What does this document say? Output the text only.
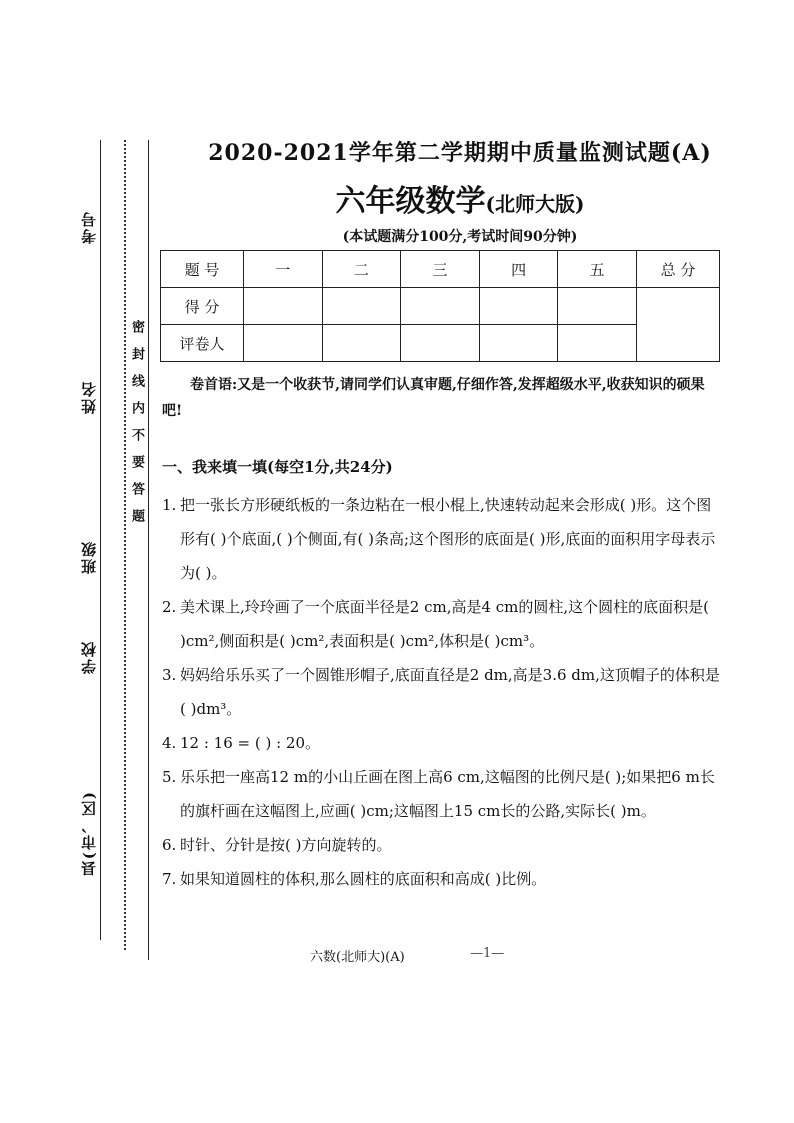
考号
姓名
班级
学校
县(市、区)
密封线内不要答题
2020-2021学年第二学期期中质量监测试题(A)
六年级数学(北师大版)
(本试题满分100分,考试时间90分钟)
题 号	一	二	三	四	五	总 分
得 分						
评卷人						
卷首语:又是一个收获节,请同学们认真审题,仔细作答,发挥超级水平,收获知识的硕果吧!
一、我来填一填(每空1分,共24分)
1. 把一张长方形硬纸板的一条边粘在一根小棍上,快速转动起来会形成( )形。这个图形有( )个底面,( )个侧面,有( )条高;这个图形的底面是( )形,底面的面积用字母表示为( )。
2. 美术课上,玲玲画了一个底面半径是2 cm,高是4 cm的圆柱,这个圆柱的底面积是( )cm²,侧面积是( )cm²,表面积是( )cm²,体积是( )cm³。
3. 妈妈给乐乐买了一个圆锥形帽子,底面直径是2 dm,高是3.6 dm,这顶帽子的体积是( )dm³。
4. 12 : 16 = ( ) : 20。
5. 乐乐把一座高12 m的小山丘画在图上高6 cm,这幅图的比例尺是( );如果把6 m长的旗杆画在这幅图上,应画( )cm;这幅图上15 cm长的公路,实际长( )m。
6. 时针、分针是按( )方向旋转的。
7. 如果知道圆柱的体积,那么圆柱的底面积和高成( )比例。
六数(北师大)(A)	—1—
